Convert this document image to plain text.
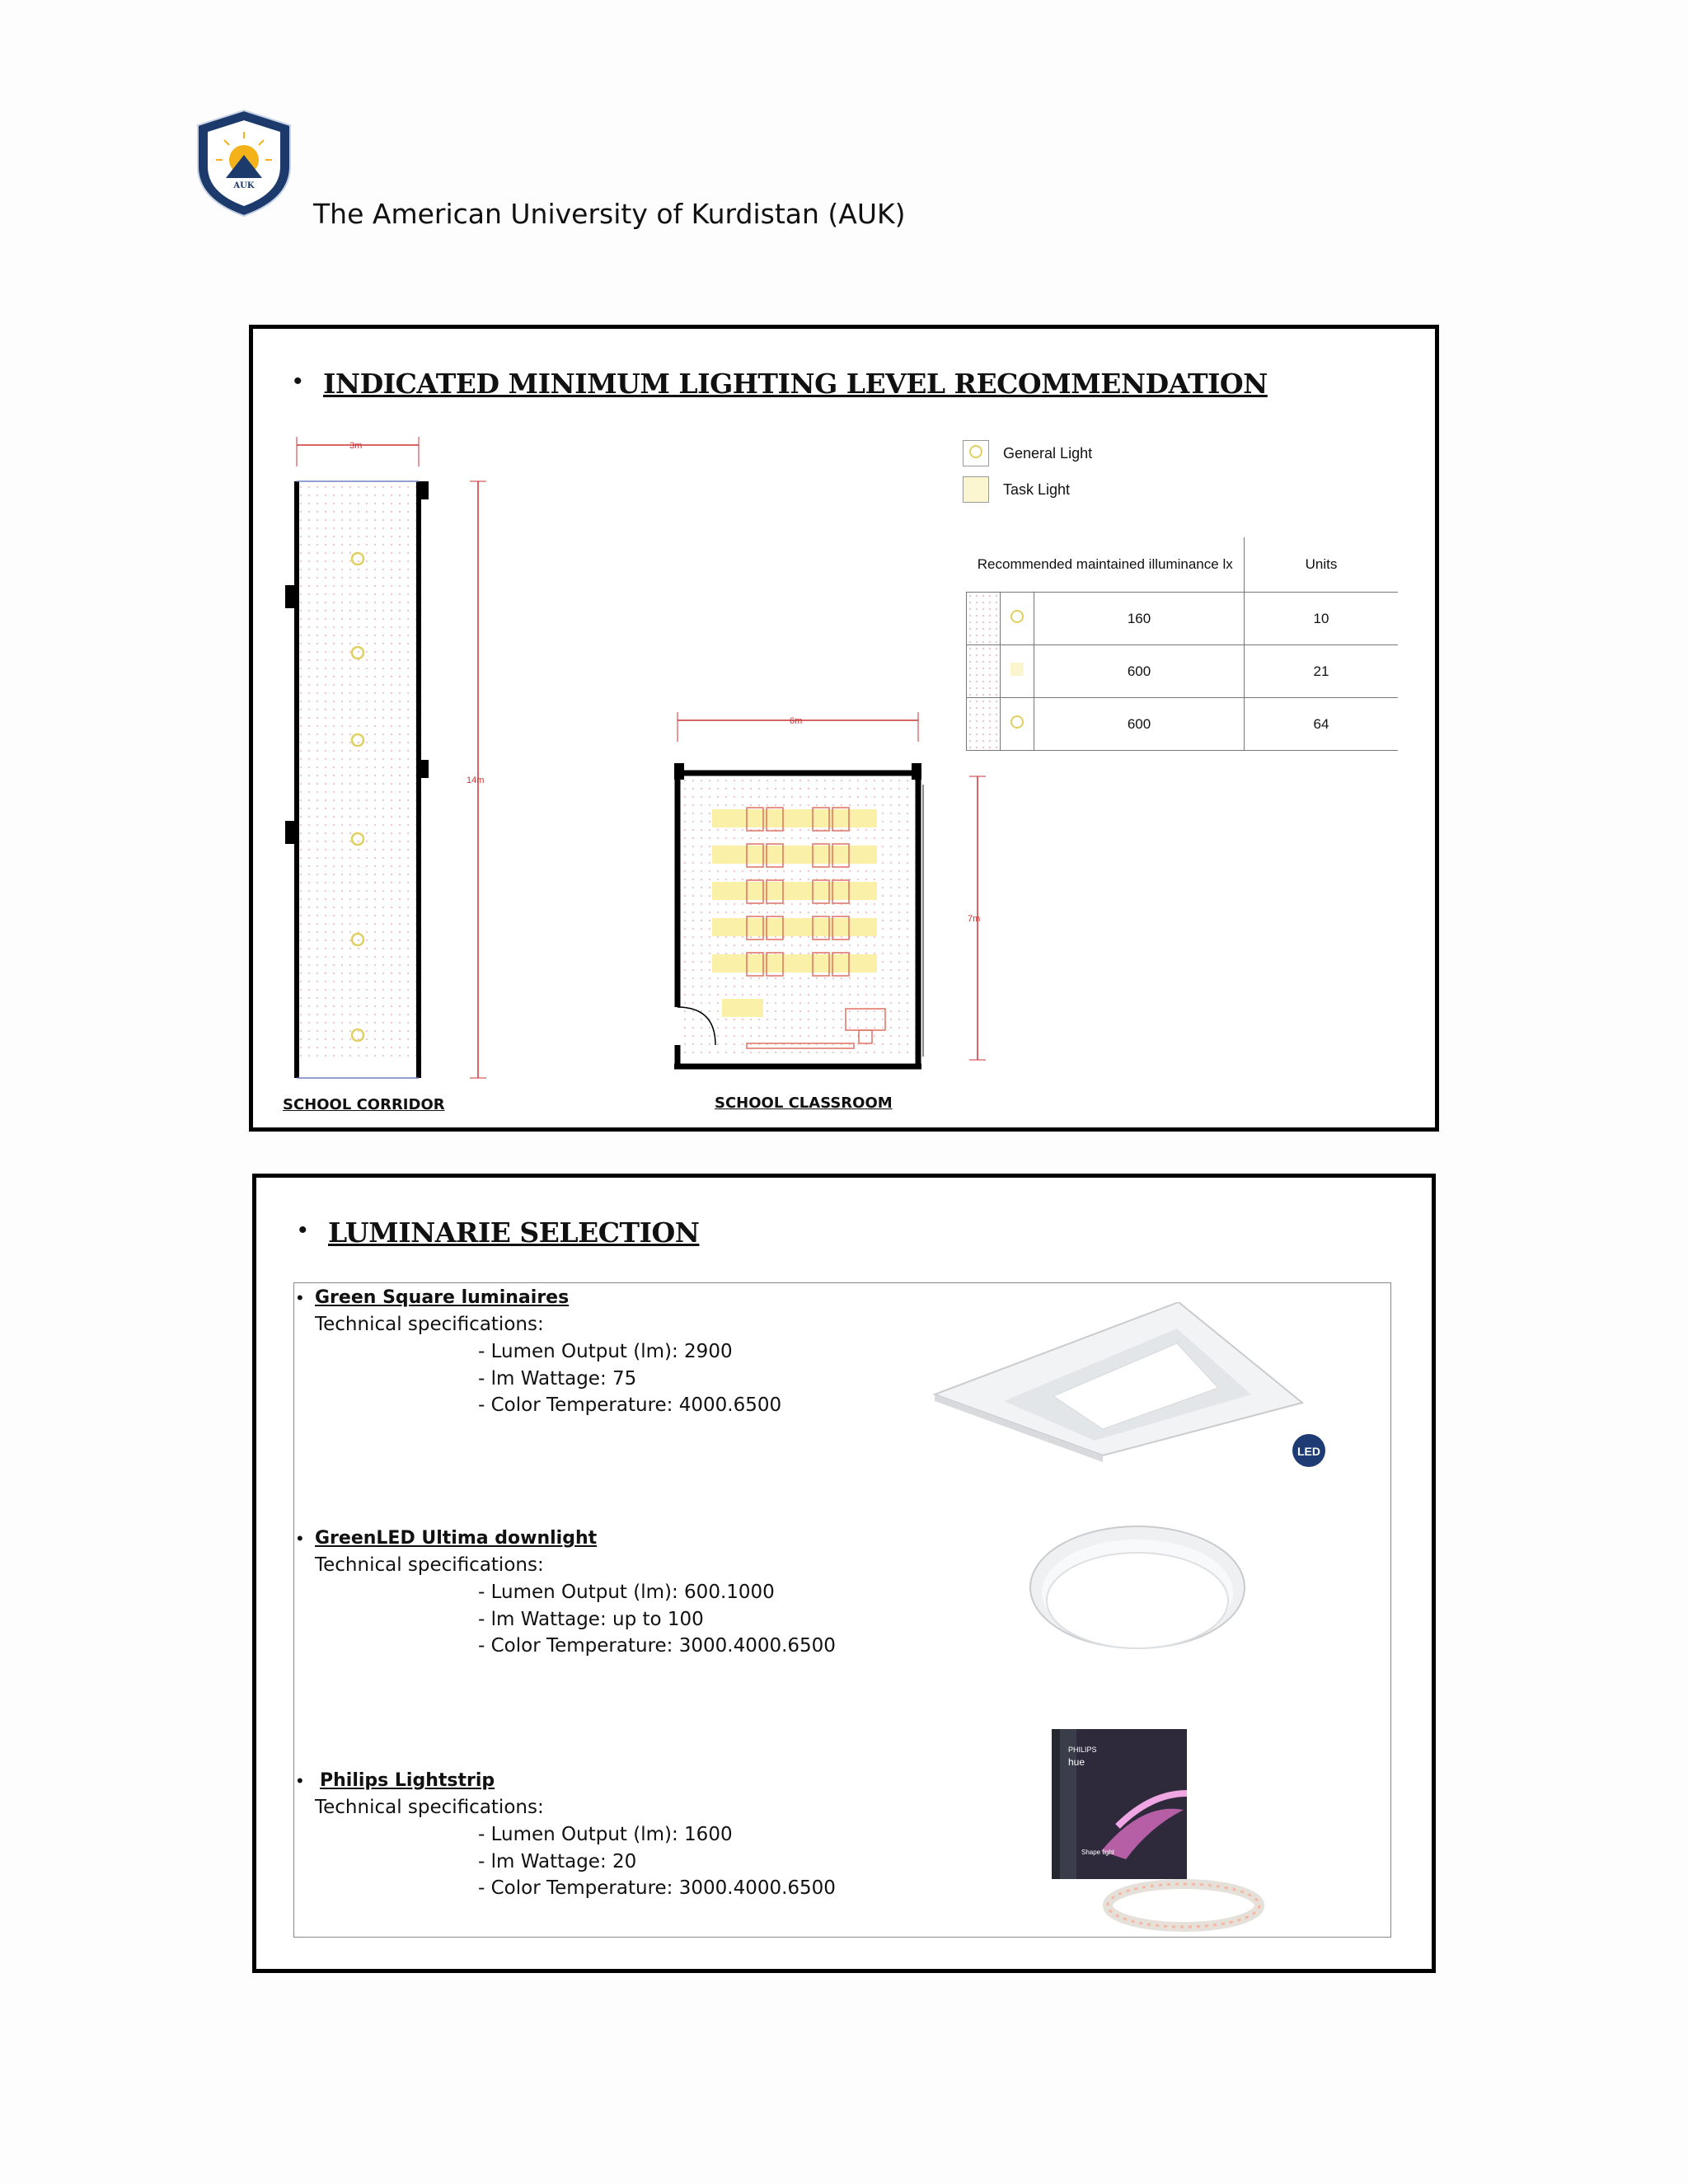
AUK
The American University of Kurdistan (AUK)
• INDICATED MINIMUM LIGHTING LEVEL RECOMMENDATION
General Light
Task Light
Recommended maintained illuminance lx			Units

		160	10

		600	21

		600	64
3m
14m
SCHOOL CORRIDOR
6m
7m
SCHOOL CLASSROOM
• LUMINARIE SELECTION
• Green Square luminaires
Technical specifications:
- Lumen Output (lm): 2900
- lm Wattage: 75
- Color Temperature: 4000.6500
LED
• GreenLED Ultima downlight
Technical specifications:
- Lumen Output (lm): 600.1000
- lm Wattage: up to 100
- Color Temperature: 3000.4000.6500
• Philips Lightstrip
Technical specifications:
- Lumen Output (lm): 1600
- lm Wattage: 20
- Color Temperature: 3000.4000.6500
PHILIPS
hue
Shape light
